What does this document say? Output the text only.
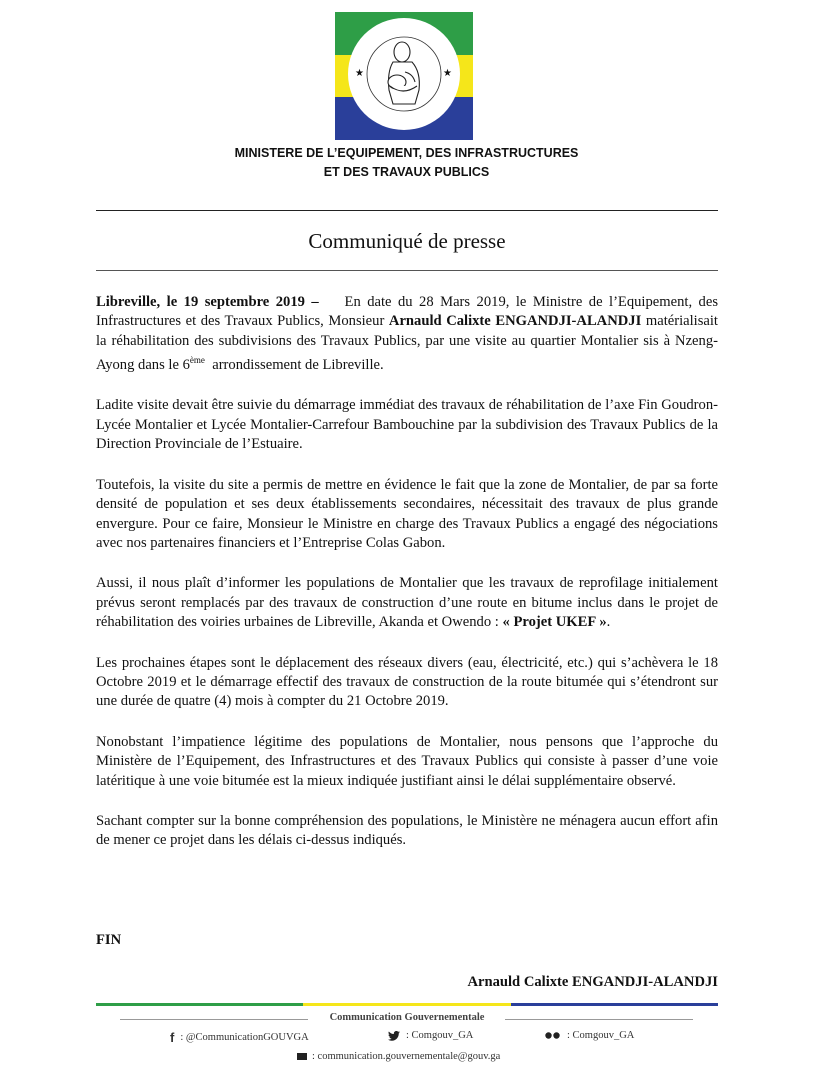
★	★
MINISTERE DE L’EQUIPEMENT, DES INFRASTRUCTURES
ET DES TRAVAUX PUBLICS
Communiqué de presse

Libreville, le 19 septembre 2019 – En date du 28 Mars 2019, le Ministre de l’Equipement, des Infrastructures et des Travaux Publics, Monsieur Arnauld Calixte ENGANDJI-ALANDJI matérialisait la réhabilitation des subdivisions des Travaux Publics, par une visite au quartier Montalier sis à Nzeng-Ayong dans le 6ème arrondissement de Libreville.

Ladite visite devait être suivie du démarrage immédiat des travaux de réhabilitation de l’axe Fin Goudron-Lycée Montalier et Lycée Montalier-Carrefour Bambouchine par la subdivision des Travaux Publics de la Direction Provinciale de l’Estuaire.

Toutefois, la visite du site a permis de mettre en évidence le fait que la zone de Montalier, de par sa forte densité de population et ses deux établissements secondaires, nécessitait des travaux de plus grande envergure. Pour ce faire, Monsieur le Ministre en charge des Travaux Publics a engagé des négociations avec nos partenaires financiers et l’Entreprise Colas Gabon.

Aussi, il nous plaît d’informer les populations de Montalier que les travaux de reprofilage initialement prévus seront remplacés par des travaux de construction d’une route en bitume inclus dans le projet de réhabilitation des voiries urbaines de Libreville, Akanda et Owendo : « Projet UKEF ».

Les prochaines étapes sont le déplacement des réseaux divers (eau, électricité, etc.) qui s’achèvera le 18 Octobre 2019 et le démarrage effectif des travaux de construction de la route bitumée qui s’étendront sur une durée de quatre (4) mois à compter du 21 Octobre 2019.

Nonobstant l’impatience légitime des populations de Montalier, nous pensons que l’approche du Ministère de l’Equipement, des Infrastructures et des Travaux Publics qui consiste à passer d’une voie latéritique à une voie bitumée est la mieux indiquée justifiant ainsi le délai supplémentaire observé.

Sachant compter sur la bonne compréhension des populations, le Ministère ne ménagera aucun effort afin de mener ce projet dans les délais ci-dessus indiqués.

FIN
Arnauld Calixte ENGANDJI-ALANDJI
Communication Gouvernementale
f : @CommunicationGOUVGA	: Comgouv_GA	: Comgouv_GA
: communication.gouvernementale@gouv.ga
